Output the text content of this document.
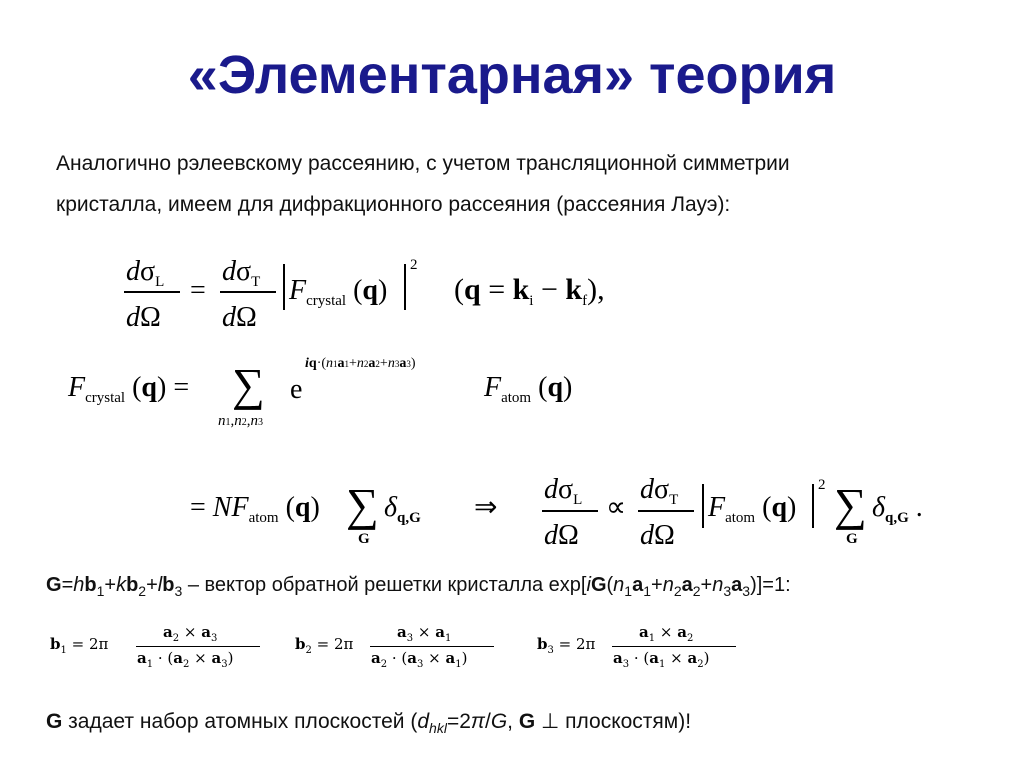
«Элементарная» теория
Аналогично рэлеевскому рассеянию, с учетом трансляционной симметрии
кристалла, имеем для дифракционного рассеяния (рассеяния Лауэ):
$d\sigma_L$
dΩ
=
$d\sigma_T$
dΩ
$F_{crystal}$ (q)
2
$(q = k_i - k_f)$,
$F_{crystal}$ (q) = ∑
n1,n2,n3
e
iq·(n1a1+n2a2+n3a3)
$F_{atom}$ (q)
= $NF_{atom}$ (q) ∑
G
$\delta_{q,G}$ ⇒
$d\sigma_L$
dΩ
∝
$d\sigma_T$
dΩ
$F_{atom}$ (q)
2 ∑
G
$\delta_{q,G}$ .
$G=hb_1+kb_2+lb_3$ – вектор обратной решетки кристалла $\exp[iG(n_1a_1+n_2a_2+n_3a_3)]=1$:
$b_1 = 2\pi$
$a_2 \times a_3$
$a_1 \cdot (a_2 \times a_3)$
$b_2 = 2\pi$
$a_3 \times a_1$
$a_2 \cdot (a_3 \times a_1)$
$b_3 = 2\pi$
$a_1 \times a_2$
$a_3 \cdot (a_1 \times a_2)$
G задает набор атомных плоскостей ($d_{hkl}=2\pi/G$, G ⊥ плоскостям)!
